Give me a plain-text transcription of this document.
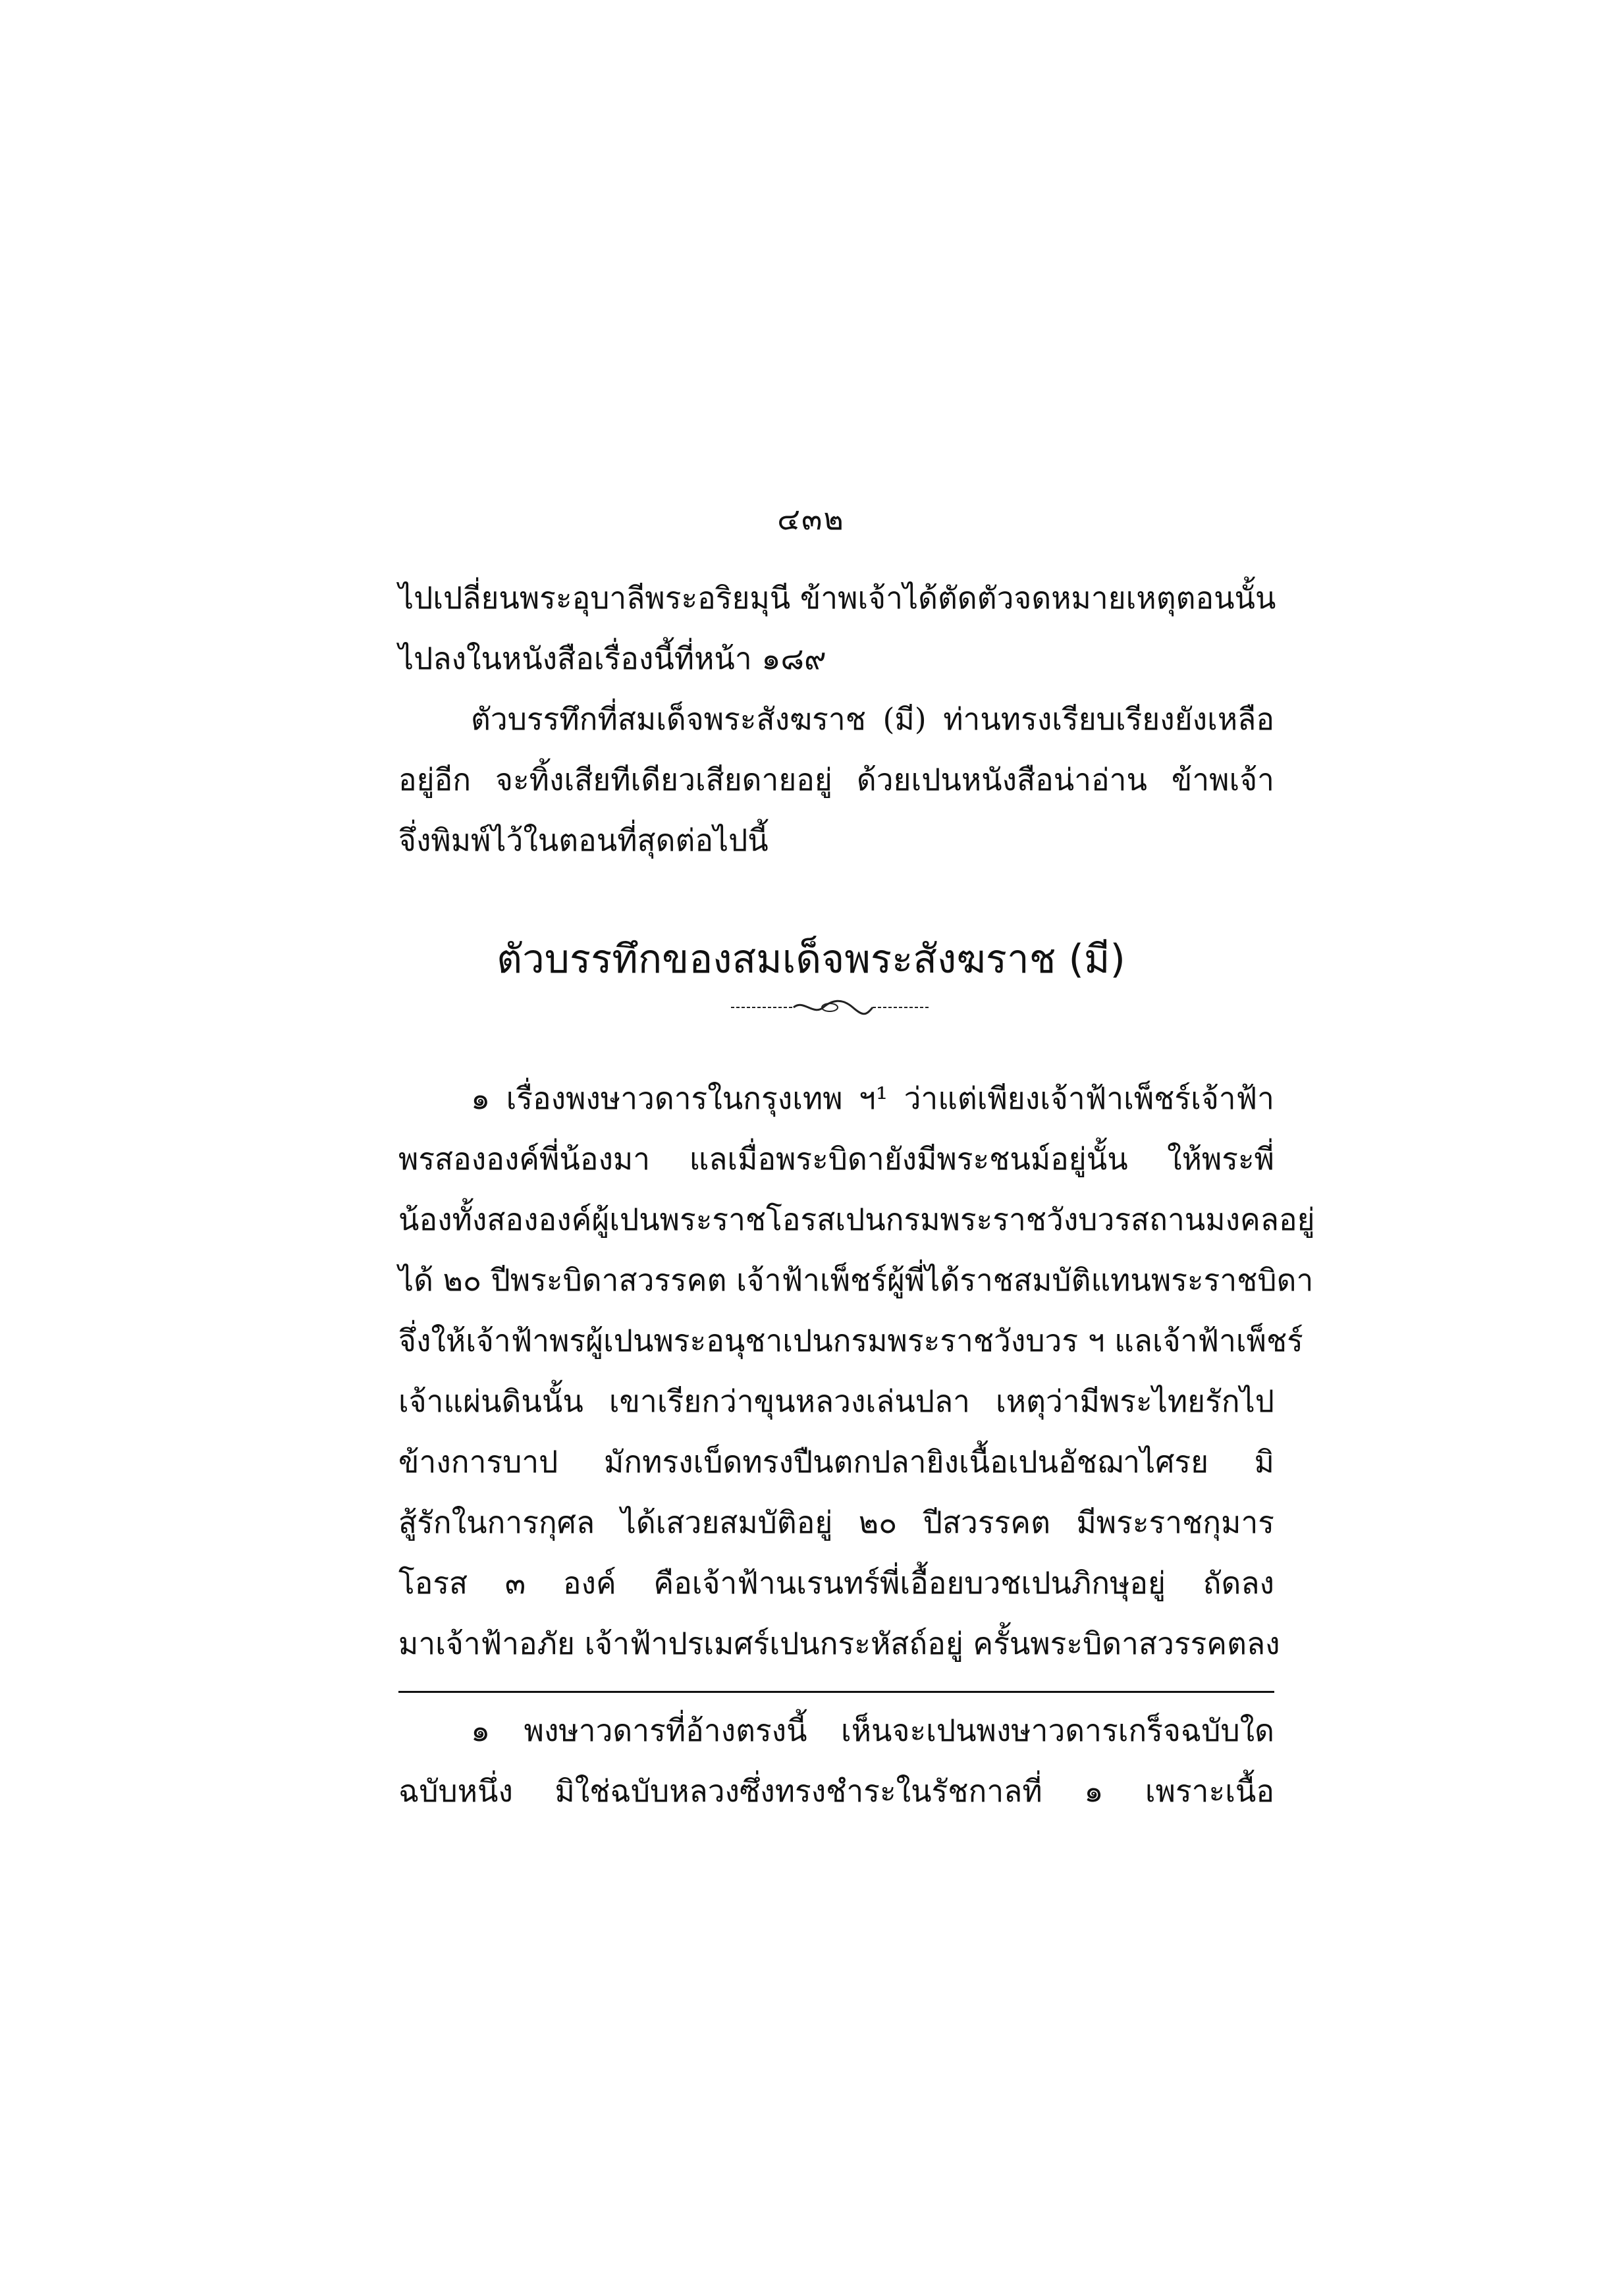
๔๓๒
ไปเปลี่ยนพระอุบาลีพระอริยมุนี ข้าพเจ้าได้ตัดตัวจดหมายเหตุตอนนั้น
ไปลงในหนังสือเรื่องนี้ที่หน้า ๑๘๙
ตัวบรรทึกที่สมเด็จพระสังฆราช (มี) ท่านทรงเรียบเรียงยังเหลือ
อยู่อีก จะทิ้งเสียทีเดียวเสียดายอยู่ ด้วยเปนหนังสือน่าอ่าน ข้าพเจ้า
จึ่งพิมพ์ไว้ในตอนที่สุดต่อไปนี้
ตัวบรรทึกของสมเด็จพระสังฆราช (มี)
๑ เรื่องพงษาวดารในกรุงเทพ ฯ¹ ว่าแต่เพียงเจ้าฟ้าเพ็ชร์เจ้าฟ้า
พรสององค์พี่น้องมา แลเมื่อพระบิดายังมีพระชนม์อยู่นั้น ให้พระพี่
น้องทั้งสององค์ผู้เปนพระราชโอรสเปนกรมพระราชวังบวรสถานมงคลอยู่
ได้ ๒๐ ปีพระบิดาสวรรคต เจ้าฟ้าเพ็ชร์ผู้พี่ได้ราชสมบัติแทนพระราชบิดา
จึ่งให้เจ้าฟ้าพรผู้เปนพระอนุชาเปนกรมพระราชวังบวร ฯ แลเจ้าฟ้าเพ็ชร์
เจ้าแผ่นดินนั้น เขาเรียกว่าขุนหลวงเล่นปลา เหตุว่ามีพระไทยรักไป
ข้างการบาป มักทรงเบ็ดทรงปืนตกปลายิงเนื้อเปนอัชฌาไศรย มิ
สู้รักในการกุศล ได้เสวยสมบัติอยู่ ๒๐ ปีสวรรคต มีพระราชกุมาร
โอรส ๓ องค์ คือเจ้าฟ้านเรนทร์พี่เอื้อยบวชเปนภิกษุอยู่ ถัดลง
มาเจ้าฟ้าอภัย เจ้าฟ้าปรเมศร์เปนกระหัสถ์อยู่ ครั้นพระบิดาสวรรคตลง
๑ พงษาวดารที่อ้างตรงนี้ เห็นจะเปนพงษาวดารเกร็จฉบับใด
ฉบับหนึ่ง มิใช่ฉบับหลวงซึ่งทรงชำระในรัชกาลที่ ๑ เพราะเนื้อ
